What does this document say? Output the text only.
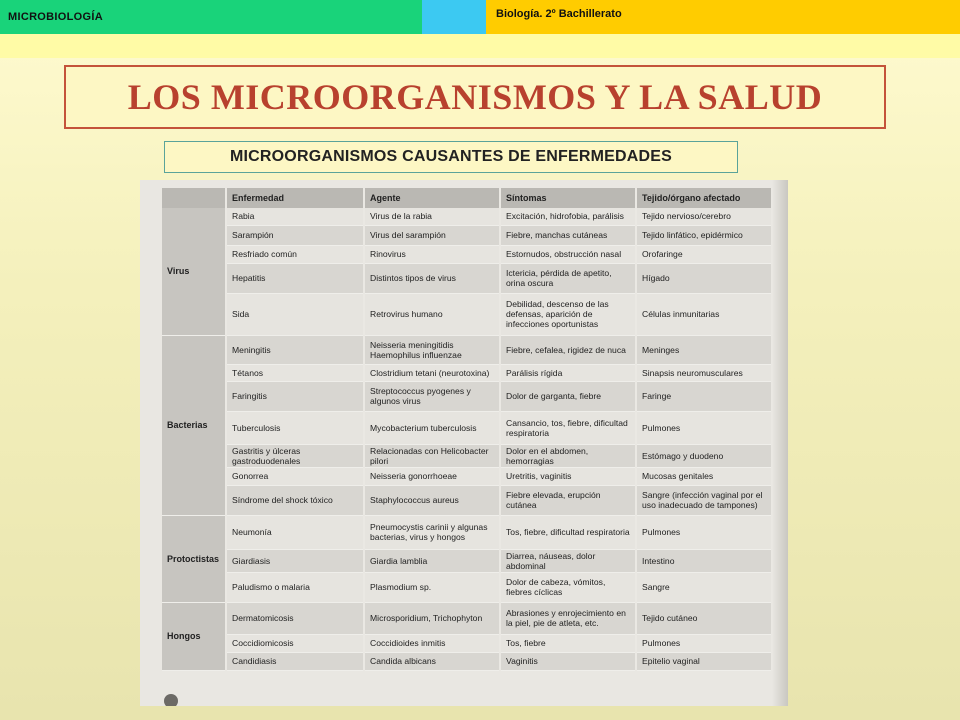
MICROBIOLOGÍA	Biología. 2º Bachillerato
LOS MICROORGANISMOS Y LA SALUD
MICROORGANISMOS CAUSANTES DE ENFERMEDADES
	Enfermedad	Agente	Síntomas	Tejido/órgano afectado
Virus	Rabia	Virus de la rabia	Excitación, hidrofobia, parálisis	Tejido nervioso/cerebro
	Sarampión	Virus del sarampión	Fiebre, manchas cutáneas	Tejido linfático, epidérmico
	Resfriado común	Rinovirus	Estornudos, obstrucción nasal	Orofaringe
	Hepatitis	Distintos tipos de virus	Ictericia, pérdida de apetito, orina oscura	Hígado
	Sida	Retrovirus humano	Debilidad, descenso de las defensas, aparición de infecciones oportunistas	Células inmunitarias
Bacterias	Meningitis	Neisseria meningitidis Haemophilus influenzae	Fiebre, cefalea, rigidez de nuca	Meninges
	Tétanos	Clostridium tetani (neurotoxina)	Parálisis rígida	Sinapsis neuromusculares
	Faringitis	Streptococcus pyogenes y algunos virus	Dolor de garganta, fiebre	Faringe
	Tuberculosis	Mycobacterium tuberculosis	Cansancio, tos, fiebre, dificultad respiratoria	Pulmones
	Gastritis y úlceras gastroduodenales	Relacionadas con Helicobacter pilori	Dolor en el abdomen, hemorragias	Estómago y duodeno
	Gonorrea	Neisseria gonorrhoeae	Uretritis, vaginitis	Mucosas genitales
	Síndrome del shock tóxico	Staphylococcus aureus	Fiebre elevada, erupción cutánea	Sangre (infección vaginal por el uso inadecuado de tampones)
Protoctistas	Neumonía	Pneumocystis carinii y algunas bacterias, virus y hongos	Tos, fiebre, dificultad respiratoria	Pulmones
	Giardiasis	Giardia lamblia	Diarrea, náuseas, dolor abdominal	Intestino
	Paludismo o malaria	Plasmodium sp.	Dolor de cabeza, vómitos, fiebres cíclicas	Sangre
Hongos	Dermatomicosis	Microsporidium, Trichophyton	Abrasiones y enrojecimiento en la piel, pie de atleta, etc.	Tejido cutáneo
	Coccidiomicosis	Coccidioides inmitis	Tos, fiebre	Pulmones
	Candidiasis	Candida albicans	Vaginitis	Epitelio vaginal
